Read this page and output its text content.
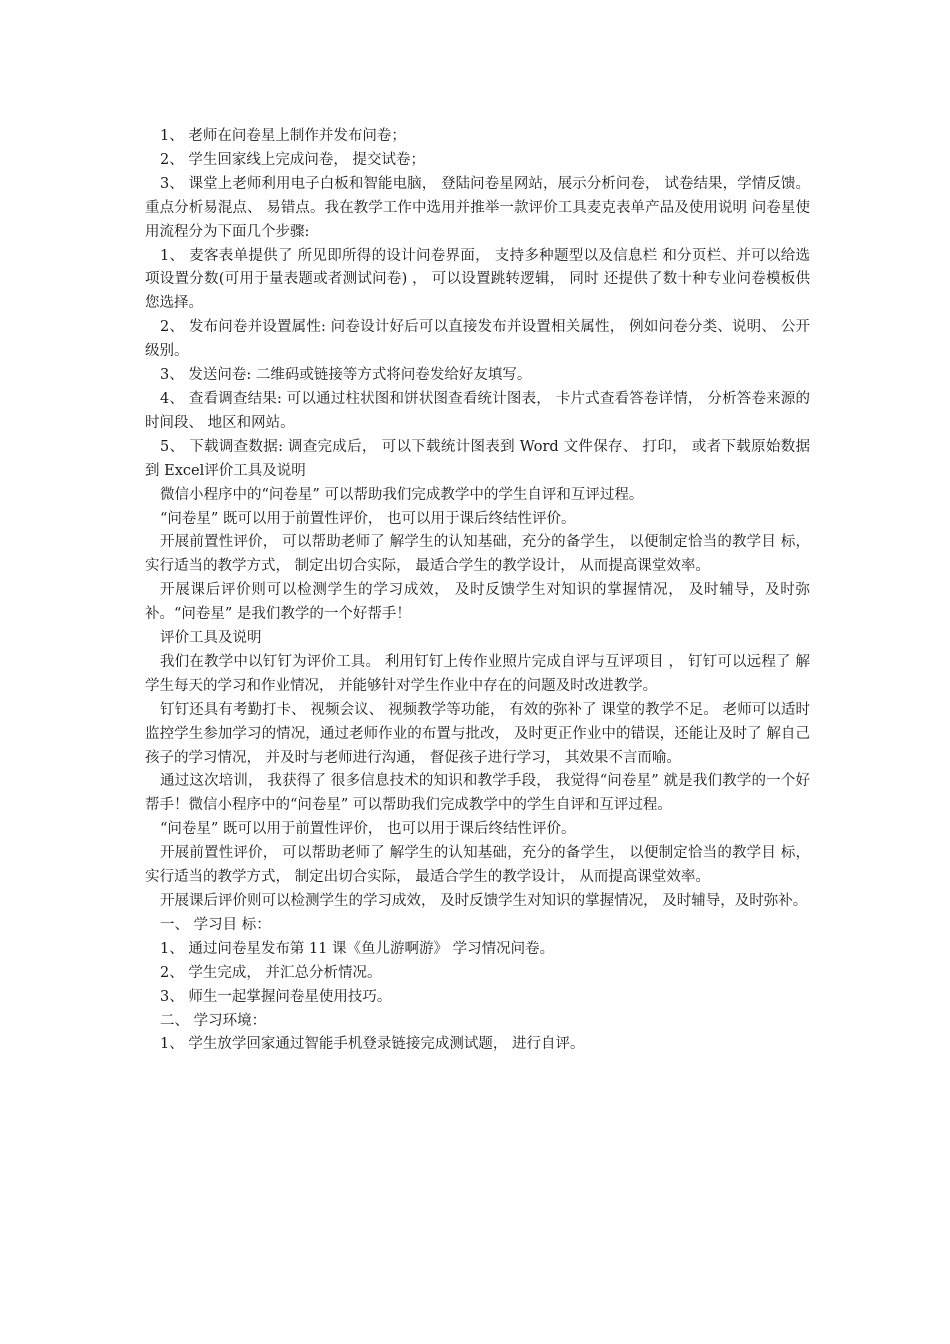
1、 老师在问卷星上制作并发布问卷；

2、 学生回家线上完成问卷， 提交试卷；

3、 课堂上老师利用电子白板和智能电脑， 登陆问卷星网站，展示分析问卷， 试卷结果，学情反馈。 重点分析易混点、 易错点。我在教学工作中选用并推举一款评价工具麦克表单产品及使用说明 问卷星使用流程分为下面几个步骤:

1、 麦客表单提供了 所见即所得的设计问卷界面， 支持多种题型以及信息栏 和分页栏、并可以给选项设置分数(可用于量表题或者测试问卷) ， 可以设置跳转逻辑， 同时 还提供了数十种专业问卷模板供您选择。

2、 发布问卷并设置属性: 问卷设计好后可以直接发布并设置相关属性， 例如问卷分类、说明、 公开级别。

3、 发送问卷: 二维码或链接等方式将问卷发给好友填写。

4、 查看调查结果: 可以通过柱状图和饼状图查看统计图表， 卡片式查看答卷详情， 分析答卷来源的时间段、 地区和网站。

5、 下载调查数据: 调查完成后， 可以下载统计图表到 Word 文件保存、 打印， 或者下载原始数据到 Excel评价工具及说明

微信小程序中的“问卷星” 可以帮助我们完成教学中的学生自评和互评过程。

“问卷星” 既可以用于前置性评价， 也可以用于课后终结性评价。

开展前置性评价， 可以帮助老师了 解学生的认知基础，充分的备学生， 以便制定恰当的教学目 标， 实行适当的教学方式， 制定出切合实际， 最适合学生的教学设计， 从而提高课堂效率。

开展课后评价则可以检测学生的学习成效， 及时反馈学生对知识的掌握情况， 及时辅导，及时弥补。“问卷星” 是我们教学的一个好帮手！

评价工具及说明

我们在教学中以钉钉为评价工具。 利用钉钉上传作业照片完成自评与互评项目 ， 钉钉可以远程了 解学生每天的学习和作业情况， 并能够针对学生作业中存在的问题及时改进教学。

钉钉还具有考勤打卡、 视频会议、 视频教学等功能， 有效的弥补了 课堂的教学不足。 老师可以适时监控学生参加学习的情况，通过老师作业的布置与批改， 及时更正作业中的错误，还能让及时了 解自己孩子的学习情况， 并及时与老师进行沟通， 督促孩子进行学习， 其效果不言而喻。

通过这次培训， 我获得了 很多信息技术的知识和教学手段， 我觉得“问卷星” 就是我们教学的一个好帮手！微信小程序中的“问卷星” 可以帮助我们完成教学中的学生自评和互评过程。

“问卷星” 既可以用于前置性评价， 也可以用于课后终结性评价。

开展前置性评价， 可以帮助老师了 解学生的认知基础，充分的备学生， 以便制定恰当的教学目 标， 实行适当的教学方式， 制定出切合实际， 最适合学生的教学设计， 从而提高课堂效率。

开展课后评价则可以检测学生的学习成效， 及时反馈学生对知识的掌握情况， 及时辅导，及时弥补。

一、 学习目 标：

1、 通过问卷星发布第 11 课《鱼儿游啊游》 学习情况问卷。

2、 学生完成， 并汇总分析情况。

3、 师生一起掌握问卷星使用技巧。

二、 学习环境：

1、 学生放学回家通过智能手机登录链接完成测试题， 进行自评。
